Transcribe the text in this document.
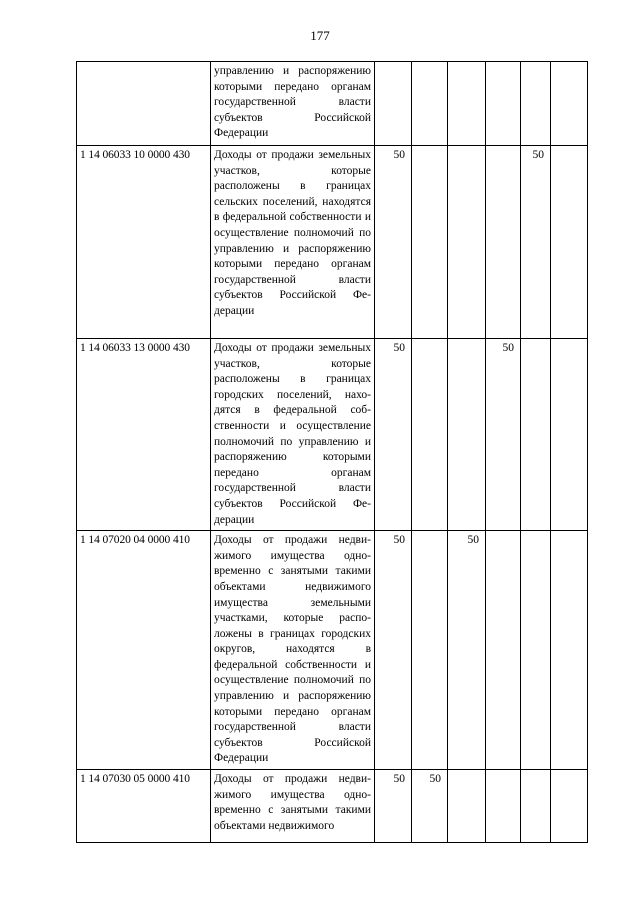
177
	управлению и распоряжению которыми передано органам государственной власти субъектов Российской Федерации						
1 14 06033 10 0000 430	Доходы от продажи земельных участков, которые расположены в границах сельских поселений, находятся в федеральной собственности и осуществление полномочий по управлению и распоряжению которыми передано органам государственной власти субъектов Российской Федерации	50				50	
1 14 06033 13 0000 430	Доходы от продажи земельных участков, которые расположены в границах городских поселений, находятся в федеральной собственности и осуществление полномочий по управлению и распоряжению которыми передано органам государственной власти субъектов Российской Федерации	50			50		
1 14 07020 04 0000 410	Доходы от продажи недвижимого имущества одновременно с занятыми такими объектами недвижимого имущества земельными участками, которые расположены в границах городских округов, находятся в федеральной собственности и осуществление полномочий по управлению и распоряжению которыми передано органам государственной власти субъектов Российской Федерации	50		50			
1 14 07030 05 0000 410	Доходы от продажи недвижимого имущества одновременно с занятыми такими объектами недвижимого	50	50				
